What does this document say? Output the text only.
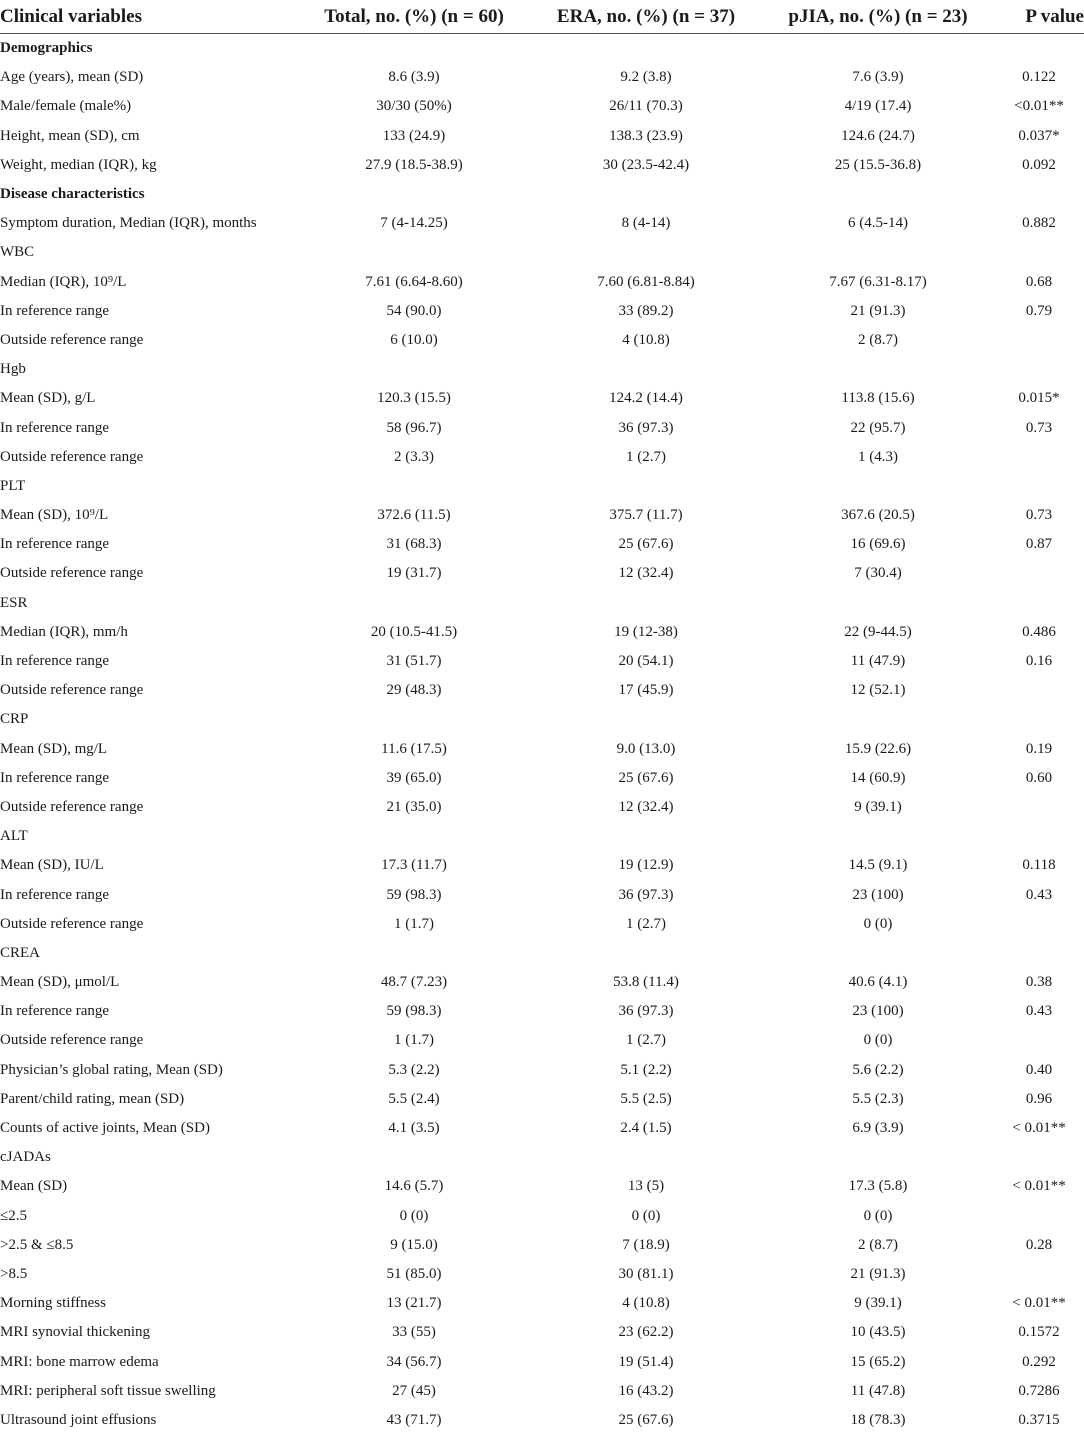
Clinical variables	Total, no. (%) (n = 60)	ERA, no. (%) (n = 37)	pJIA, no. (%) (n = 23)	P value
Demographics				
Age (years), mean (SD)	8.6 (3.9)	9.2 (3.8)	7.6 (3.9)	0.122
Male/female (male%)	30/30 (50%)	26/11 (70.3)	4/19 (17.4)	<0.01**
Height, mean (SD), cm	133 (24.9)	138.3 (23.9)	124.6 (24.7)	0.037*
Weight, median (IQR), kg	27.9 (18.5-38.9)	30 (23.5-42.4)	25 (15.5-36.8)	0.092
Disease characteristics				
Symptom duration, Median (IQR), months	7 (4-14.25)	8 (4-14)	6 (4.5-14)	0.882
WBC				
Median (IQR), 10⁹/L	7.61 (6.64-8.60)	7.60 (6.81-8.84)	7.67 (6.31-8.17)	0.68
In reference range	54 (90.0)	33 (89.2)	21 (91.3)	0.79
Outside reference range	6 (10.0)	4 (10.8)	2 (8.7)	
Hgb				
Mean (SD), g/L	120.3 (15.5)	124.2 (14.4)	113.8 (15.6)	0.015*
In reference range	58 (96.7)	36 (97.3)	22 (95.7)	0.73
Outside reference range	2 (3.3)	1 (2.7)	1 (4.3)	
PLT				
Mean (SD), 10⁹/L	372.6 (11.5)	375.7 (11.7)	367.6 (20.5)	0.73
In reference range	31 (68.3)	25 (67.6)	16 (69.6)	0.87
Outside reference range	19 (31.7)	12 (32.4)	7 (30.4)	
ESR				
Median (IQR), mm/h	20 (10.5-41.5)	19 (12-38)	22 (9-44.5)	0.486
In reference range	31 (51.7)	20 (54.1)	11 (47.9)	0.16
Outside reference range	29 (48.3)	17 (45.9)	12 (52.1)	
CRP				
Mean (SD), mg/L	11.6 (17.5)	9.0 (13.0)	15.9 (22.6)	0.19
In reference range	39 (65.0)	25 (67.6)	14 (60.9)	0.60
Outside reference range	21 (35.0)	12 (32.4)	9 (39.1)	
ALT				
Mean (SD), IU/L	17.3 (11.7)	19 (12.9)	14.5 (9.1)	0.118
In reference range	59 (98.3)	36 (97.3)	23 (100)	0.43
Outside reference range	1 (1.7)	1 (2.7)	0 (0)	
CREA				
Mean (SD), μmol/L	48.7 (7.23)	53.8 (11.4)	40.6 (4.1)	0.38
In reference range	59 (98.3)	36 (97.3)	23 (100)	0.43
Outside reference range	1 (1.7)	1 (2.7)	0 (0)	
Physician’s global rating, Mean (SD)	5.3 (2.2)	5.1 (2.2)	5.6 (2.2)	0.40
Parent/child rating, mean (SD)	5.5 (2.4)	5.5 (2.5)	5.5 (2.3)	0.96
Counts of active joints, Mean (SD)	4.1 (3.5)	2.4 (1.5)	6.9 (3.9)	< 0.01**
cJADAs				
Mean (SD)	14.6 (5.7)	13 (5)	17.3 (5.8)	< 0.01**
≤2.5	0 (0)	0 (0)	0 (0)	
>2.5 & ≤8.5	9 (15.0)	7 (18.9)	2 (8.7)	0.28
>8.5	51 (85.0)	30 (81.1)	21 (91.3)	
Morning stiffness	13 (21.7)	4 (10.8)	9 (39.1)	< 0.01**
MRI synovial thickening	33 (55)	23 (62.2)	10 (43.5)	0.1572
MRI: bone marrow edema	34 (56.7)	19 (51.4)	15 (65.2)	0.292
MRI: peripheral soft tissue swelling	27 (45)	16 (43.2)	11 (47.8)	0.7286
Ultrasound joint effusions	43 (71.7)	25 (67.6)	18 (78.3)	0.3715
